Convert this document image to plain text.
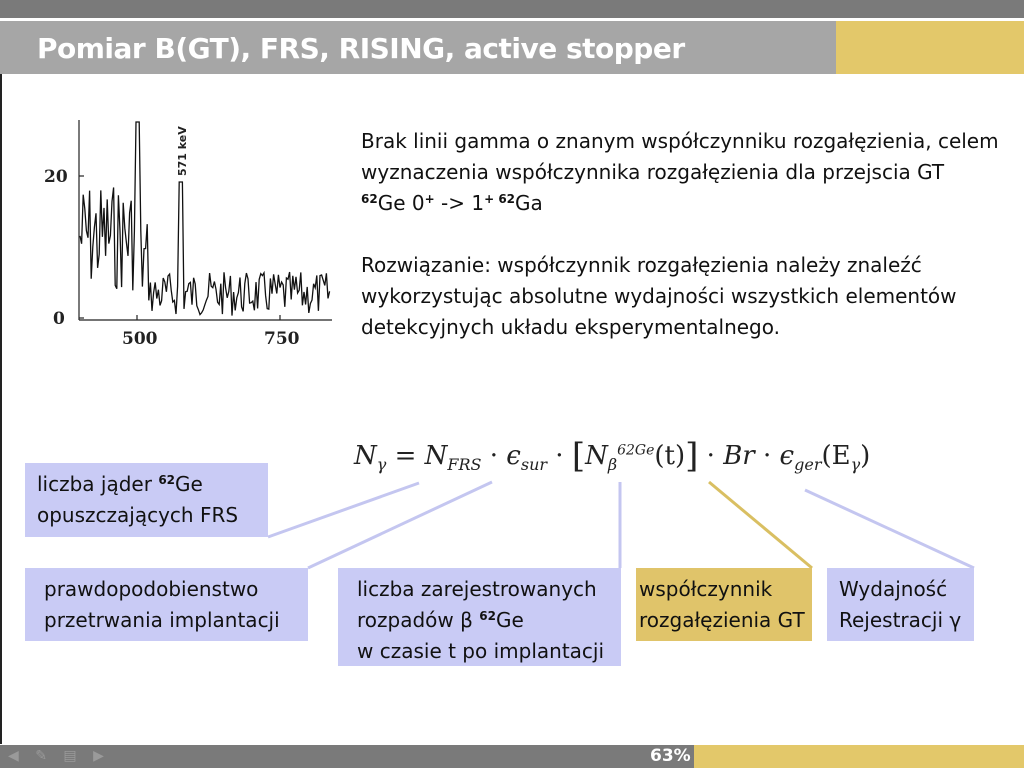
Pomiar B(GT), FRS, RISING, active stopper
20
0
500	750
571 keV	Brak linii gamma o znanym współczynniku rozgałęzienia, celem
wyznaczenia współczynnika rozgałęzienia dla przejscia GT
$^{62}$Ge 0+ -> 1+ $^{62}$Ga
Rozwiązanie: współczynnik rozgałęzienia należy znaleźć
wykorzystując absolutne wydajności wszystkich elementów
detekcyjnych układu eksperymentalnego.
$N_\gamma = N_{FRS} \cdot \epsilon_{sur} \cdot [N_\beta^{62Ge}(t)] \cdot Br \cdot \epsilon_{ger}(E_\gamma)$
liczba jąder $^{62}$Ge
opuszczających FRS
prawdopodobienstwo
przetrwania implantacji
liczba zarejestrowanych
rozpadów β $^{62}$Ge
w czasie t po implantacji
współczynnik
rozgałęzienia GT
Wydajność
Rejestracji γ
◀ ✎ ▤ ▶	63%
